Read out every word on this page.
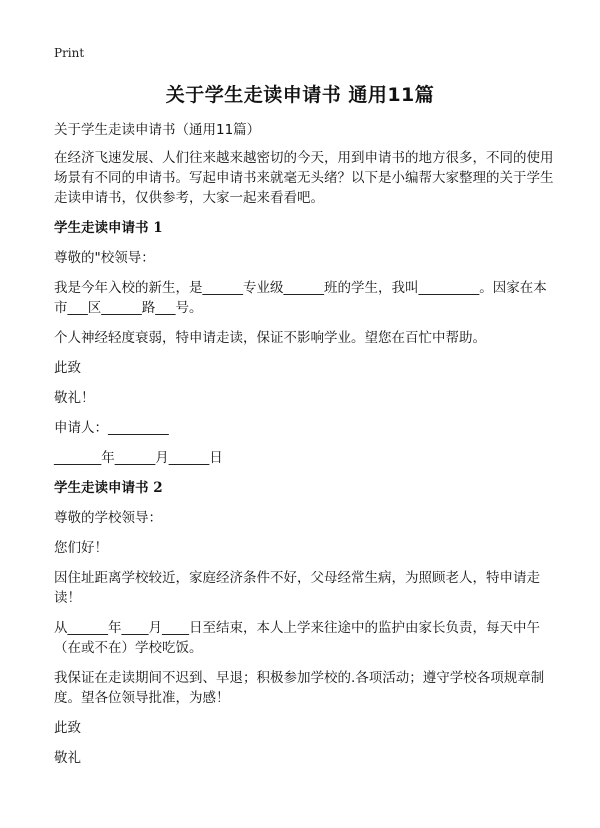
Print
关于学生走读申请书 通用11篇

关于学生走读申请书（通用11篇）

在经济飞速发展、人们往来越来越密切的今天，用到申请书的地方很多，不同的使用场景有不同的申请书。写起申请书来就毫无头绪？以下是小编帮大家整理的关于学生走读申请书，仅供参考，大家一起来看看吧。

学生走读申请书 1

尊敬的"校领导：

我是今年入校的新生，是______专业级______班的学生，我叫_________。因家在本市___区______路___号。

个人神经轻度衰弱，特申请走读，保证不影响学业。望您在百忙中帮助。

此致

敬礼！

申请人：_________

_______年______月______日

学生走读申请书 2

尊敬的学校领导：

您们好！

因住址距离学校较近，家庭经济条件不好，父母经常生病，为照顾老人，特申请走读！

从______年____月____日至结束，本人上学来往途中的监护由家长负责，每天中午（在或不在）学校吃饭。

我保证在走读期间不迟到、早退；积极参加学校的.各项活动；遵守学校各项规章制度。望各位领导批准，为感！

此致

敬礼
